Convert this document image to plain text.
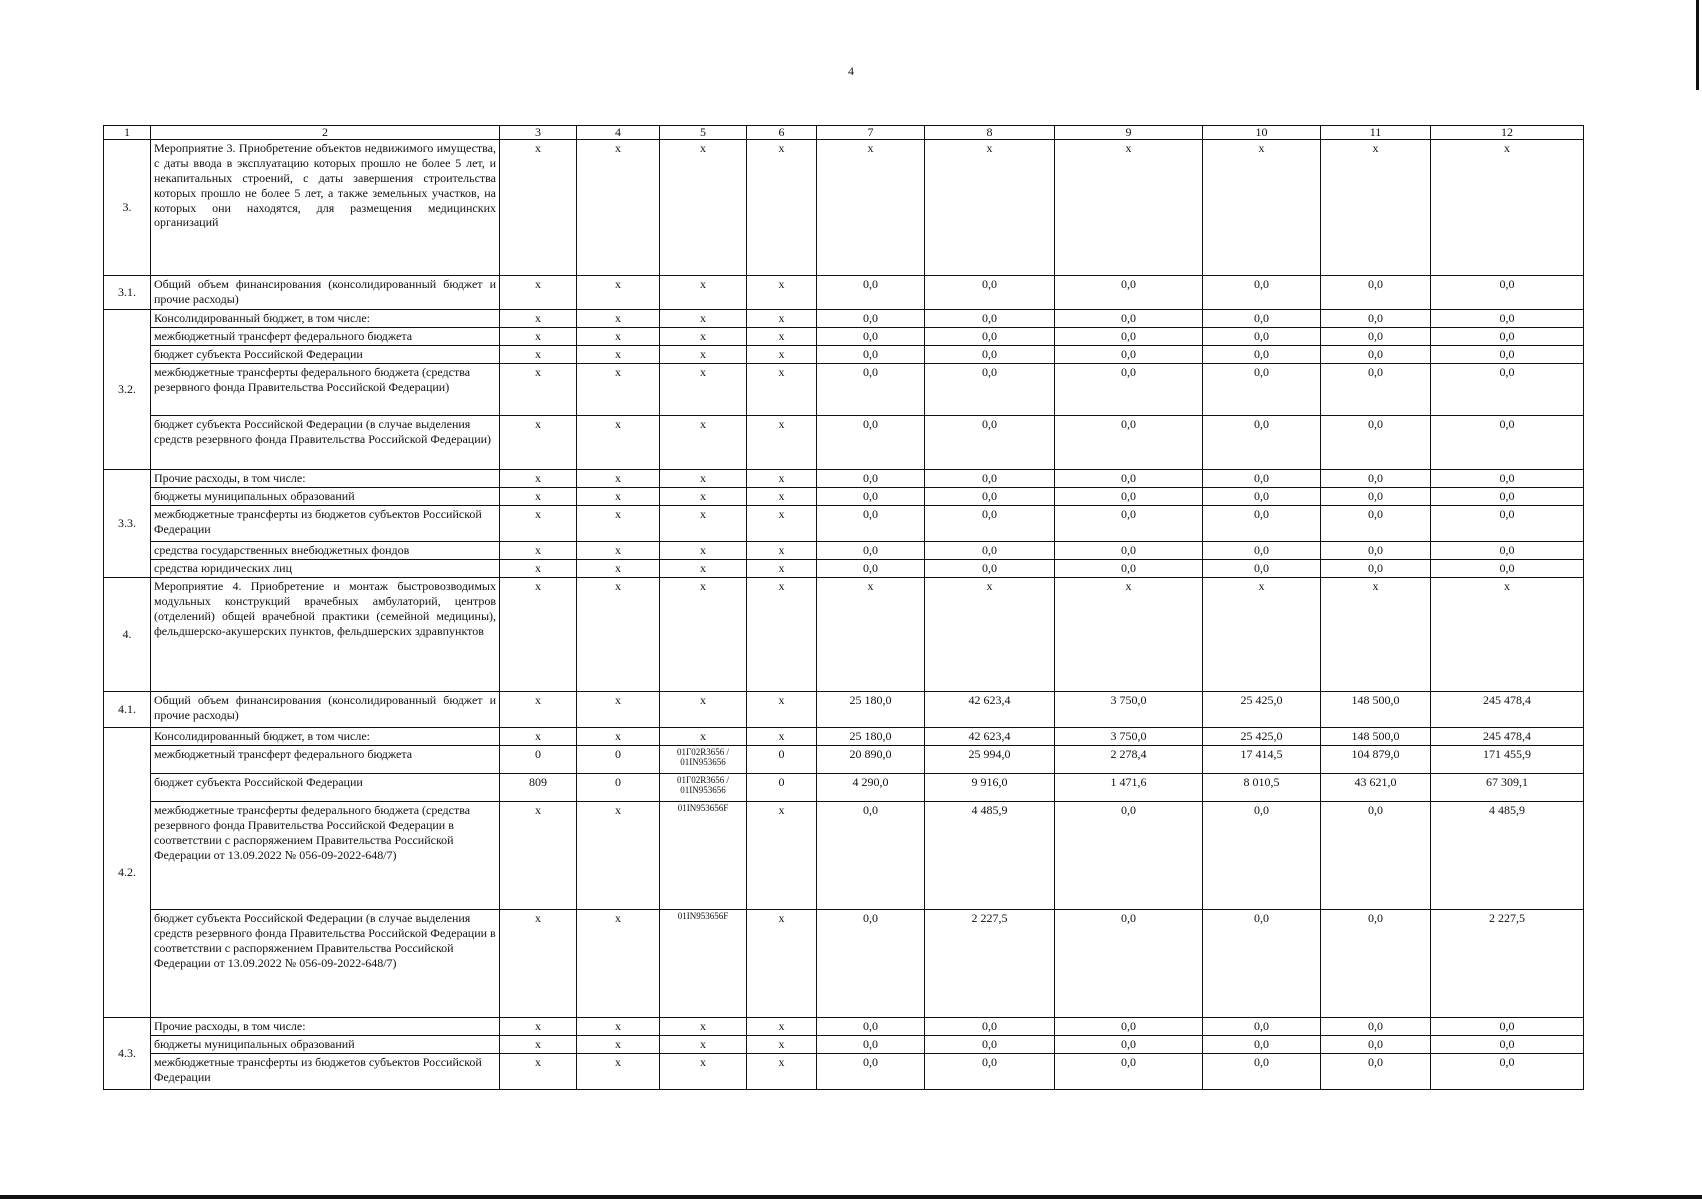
4
1	2	3	4	5	6	7	8	9	10	11	12
3.	Мероприятие 3. Приобретение объектов недвижимого имущества, с даты ввода в эксплуатацию которых прошло не более 5 лет, и некапитальных строений, с даты завершения строительства которых прошло не более 5 лет, а также земельных участков, на которых они находятся, для размещения медицинских организаций	x	x	x	x	x	x	x	x	x	x
3.1.	Общий объем финансирования (консолидированный бюджет и прочие расходы)	x	x	x	x	0,0	0,0	0,0	0,0	0,0	0,0
3.2.	Консолидированный бюджет, в том числе:	x	x	x	x	0,0	0,0	0,0	0,0	0,0	0,0
	межбюджетный трансферт федерального бюджета	x	x	x	x	0,0	0,0	0,0	0,0	0,0	0,0
	бюджет субъекта Российской Федерации	x	x	x	x	0,0	0,0	0,0	0,0	0,0	0,0
	межбюджетные трансферты федерального бюджета (средства резервного фонда Правительства Российской Федерации)	x	x	x	x	0,0	0,0	0,0	0,0	0,0	0,0
	бюджет субъекта Российской Федерации (в случае выделения средств резервного фонда Правительства Российской Федерации)	x	x	x	x	0,0	0,0	0,0	0,0	0,0	0,0
3.3.	Прочие расходы, в том числе:	x	x	x	x	0,0	0,0	0,0	0,0	0,0	0,0
	бюджеты муниципальных образований	x	x	x	x	0,0	0,0	0,0	0,0	0,0	0,0
	межбюджетные трансферты из бюджетов субъектов Российской Федерации	x	x	x	x	0,0	0,0	0,0	0,0	0,0	0,0
	средства государственных внебюджетных фондов	x	x	x	x	0,0	0,0	0,0	0,0	0,0	0,0
	средства юридических лиц	x	x	x	x	0,0	0,0	0,0	0,0	0,0	0,0
4.	Мероприятие 4. Приобретение и монтаж быстровозводимых модульных конструкций врачебных амбулаторий, центров (отделений) общей врачебной практики (семейной медицины), фельдшерско-акушерских пунктов, фельдшерских здравпунктов	x	x	x	x	x	x	x	x	x	x
4.1.	Общий объем финансирования (консолидированный бюджет и прочие расходы)	x	x	x	x	25 180,0	42 623,4	3 750,0	25 425,0	148 500,0	245 478,4
4.2.	Консолидированный бюджет, в том числе:	x	x	x	x	25 180,0	42 623,4	3 750,0	25 425,0	148 500,0	245 478,4
	межбюджетный трансферт федерального бюджета	0	0	01Г02R3656 / 01IN953656	0	20 890,0	25 994,0	2 278,4	17 414,5	104 879,0	171 455,9
	бюджет субъекта Российской Федерации	809	0	01Г02R3656 / 01IN953656	0	4 290,0	9 916,0	1 471,6	8 010,5	43 621,0	67 309,1
	межбюджетные трансферты федерального бюджета (средства резервного фонда Правительства Российской Федерации в соответствии с распоряжением Правительства Российской Федерации от 13.09.2022 № 056-09-2022-648/7)	x	x	01IN953656F	x	0,0	4 485,9	0,0	0,0	0,0	4 485,9
	бюджет субъекта Российской Федерации (в случае выделения средств резервного фонда Правительства Российской Федерации в соответствии с распоряжением Правительства Российской Федерации от 13.09.2022 № 056-09-2022-648/7)	x	x	01IN953656F	x	0,0	2 227,5	0,0	0,0	0,0	2 227,5
4.3.	Прочие расходы, в том числе:	x	x	x	x	0,0	0,0	0,0	0,0	0,0	0,0
	бюджеты муниципальных образований	x	x	x	x	0,0	0,0	0,0	0,0	0,0	0,0
	межбюджетные трансферты из бюджетов субъектов Российской Федерации	x	x	x	x	0,0	0,0	0,0	0,0	0,0	0,0
